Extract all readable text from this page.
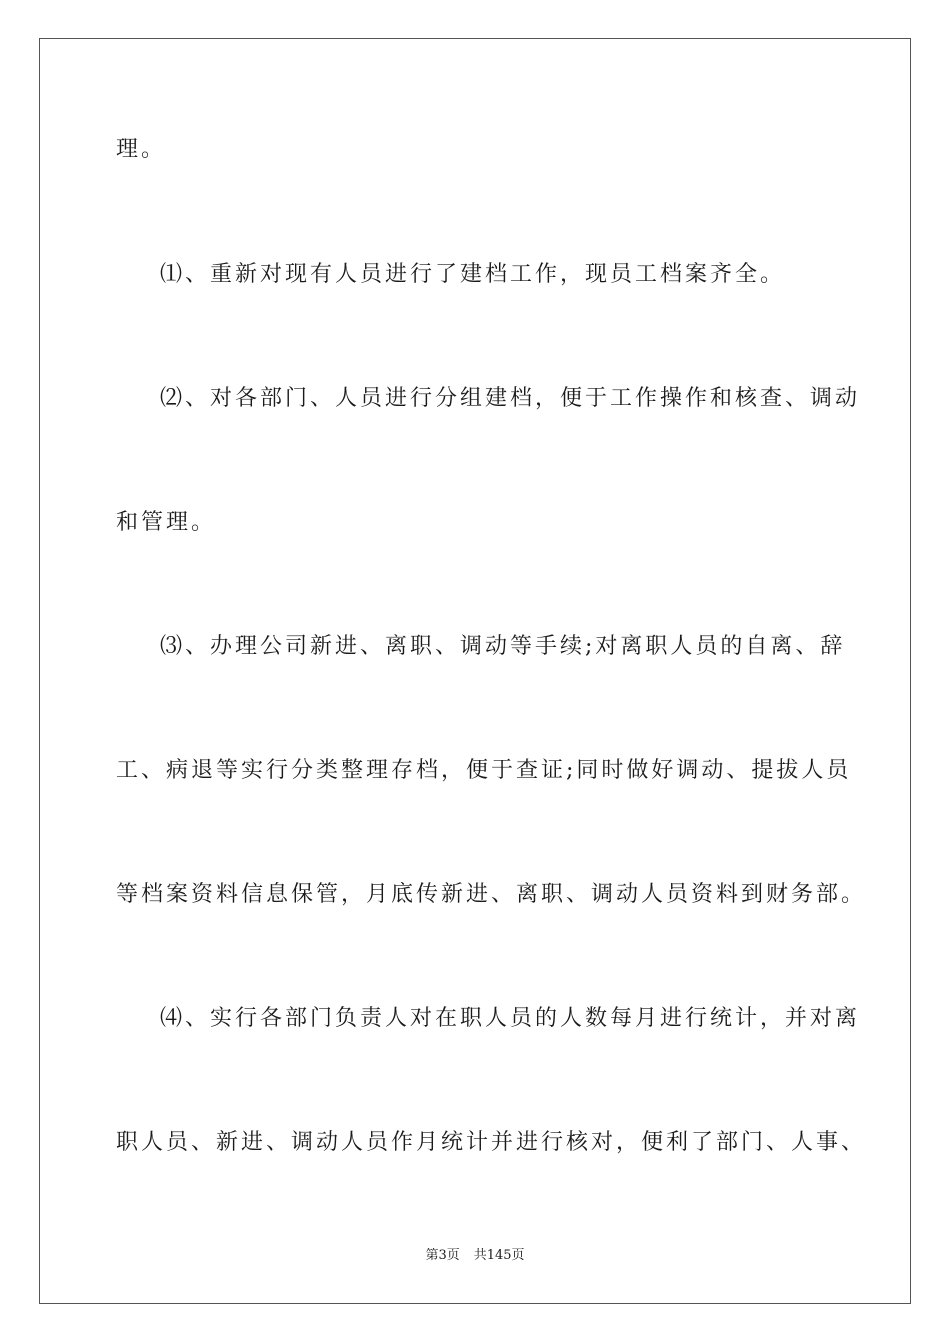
理。
⑴、重新对现有人员进行了建档工作，现员工档案齐全。
⑵、对各部门、人员进行分组建档，便于工作操作和核查、调动
和管理。
⑶、办理公司新进、离职、调动等手续;对离职人员的自离、辞
工、病退等实行分类整理存档，便于查证;同时做好调动、提拔人员
等档案资料信息保管，月底传新进、离职、调动人员资料到财务部。
⑷、实行各部门负责人对在职人员的人数每月进行统计，并对离
职人员、新进、调动人员作月统计并进行核对，便利了部门、人事、
第3页 共145页
